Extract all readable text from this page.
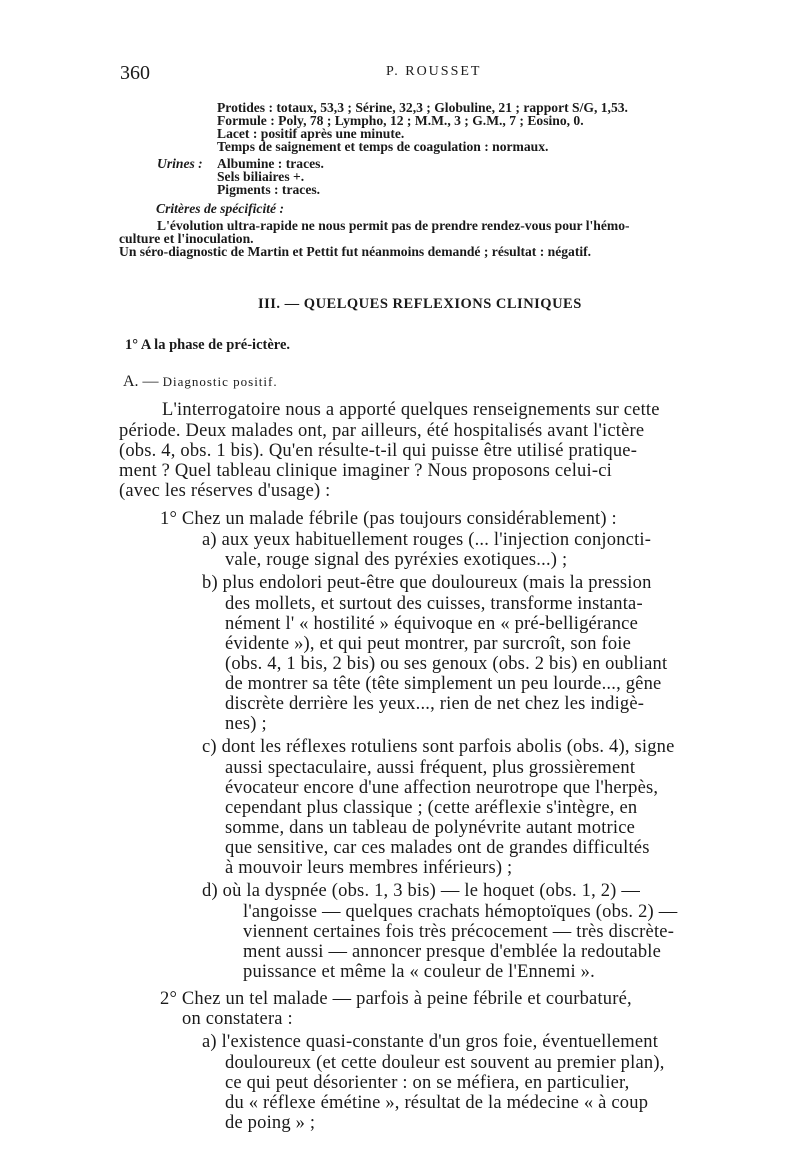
360	P. ROUSSET
Protides : totaux, 53,3 ; Sérine, 32,3 ; Globuline, 21 ; rapport S/G, 1,53.
Formule : Poly, 78 ; Lympho, 12 ; M.M., 3 ; G.M., 7 ; Eosino, 0.
Lacet : positif après une minute.
Temps de saignement et temps de coagulation : normaux.
Urines : Albumine : traces.
Sels biliaires +.
Pigments : traces.
Critères de spécificité :
L'évolution ultra-rapide ne nous permit pas de prendre rendez-vous pour l'hémo-
culture et l'inoculation.
Un séro-diagnostic de Martin et Pettit fut néanmoins demandé ; résultat : négatif.
III. — QUELQUES REFLEXIONS CLINIQUES
1° A la phase de pré-ictère.
A. — Diagnostic positif.
L'interrogatoire nous a apporté quelques renseignements sur cette
période. Deux malades ont, par ailleurs, été hospitalisés avant l'ictère
(obs. 4, obs. 1 bis). Qu'en résulte-t-il qui puisse être utilisé pratique-
ment ? Quel tableau clinique imaginer ? Nous proposons celui-ci
(avec les réserves d'usage) :
1° Chez un malade fébrile (pas toujours considérablement) :
a) aux yeux habituellement rouges (... l'injection conjoncti-
vale, rouge signal des pyréxies exotiques...) ;
b) plus endolori peut-être que douloureux (mais la pression
des mollets, et surtout des cuisses, transforme instanta-
nément l' « hostilité » équivoque en « pré-belligérance
évidente »), et qui peut montrer, par surcroît, son foie
(obs. 4, 1 bis, 2 bis) ou ses genoux (obs. 2 bis) en oubliant
de montrer sa tête (tête simplement un peu lourde..., gêne
discrète derrière les yeux..., rien de net chez les indigè-
nes) ;
c) dont les réflexes rotuliens sont parfois abolis (obs. 4), signe
aussi spectaculaire, aussi fréquent, plus grossièrement
évocateur encore d'une affection neurotrope que l'herpès,
cependant plus classique ; (cette aréflexie s'intègre, en
somme, dans un tableau de polynévrite autant motrice
que sensitive, car ces malades ont de grandes difficultés
à mouvoir leurs membres inférieurs) ;
d) où la dyspnée (obs. 1, 3 bis) — le hoquet (obs. 1, 2) —
l'angoisse — quelques crachats hémoptoïques (obs. 2) —
viennent certaines fois très précocement — très discrète-
ment aussi — annoncer presque d'emblée la redoutable
puissance et même la « couleur de l'Ennemi ».
2° Chez un tel malade — parfois à peine fébrile et courbaturé,
on constatera :
a) l'existence quasi-constante d'un gros foie, éventuellement
douloureux (et cette douleur est souvent au premier plan),
ce qui peut désorienter : on se méfiera, en particulier,
du « réflexe émétine », résultat de la médecine « à coup
de poing » ;
